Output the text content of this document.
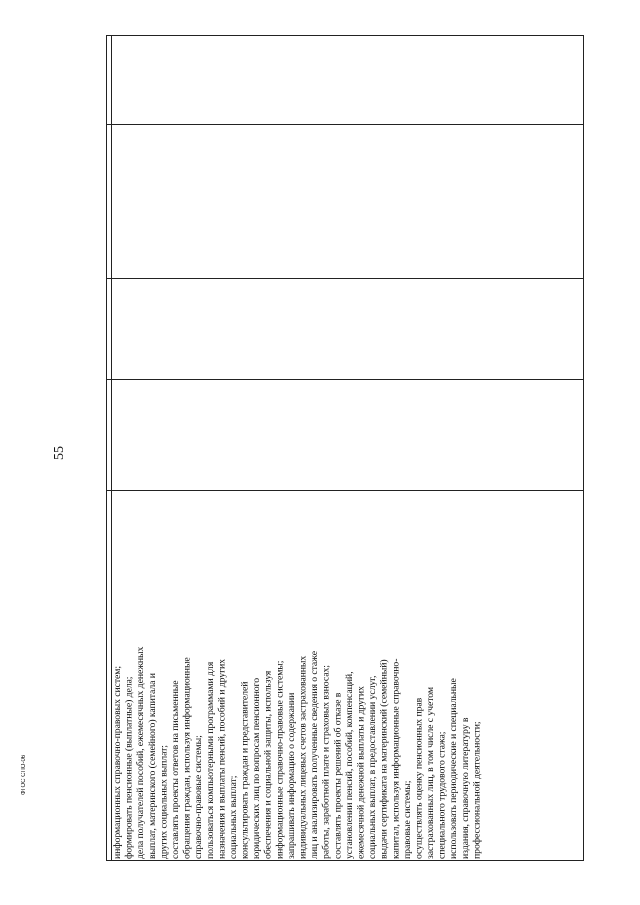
55
информационных справочно-правовых систем; формировать пенсионные (выплатные) дела; дела получателей пособий, ежемесячных денежных выплат, материнского (семейного) капитала и других социальных выплат; составлять проекты ответов на письменные обращения граждан, используя информационные справочно-правовые системы; пользоваться компьютерными программами для назначения и выплаты пенсий, пособий и других социальных выплат; консультировать граждан и представителей юридических лиц по вопросам пенсионного обеспечения и социальной защиты, используя информационные справочно-правовые системы; запрашивать информацию о содержании индивидуальных лицевых счетов застрахованных лиц и анализировать полученные сведения о стаже работы, заработной плате и страховых взносах; составлять проекты решений об отказе в установлении пенсий, пособий, компенсаций, ежемесячной денежной выплаты и других социальных выплат, в предоставлении услуг, выдачи сертификата на материнский (семейный) капитал, используя информационные справочно- правовые системы; осуществлять оценку пенсионных прав застрахованных лиц, в том числе с учетом специального трудового стажа; использовать периодические и специальные издания, справочную литературу в профессиональной деятельности;
ФГОС СПО-06
